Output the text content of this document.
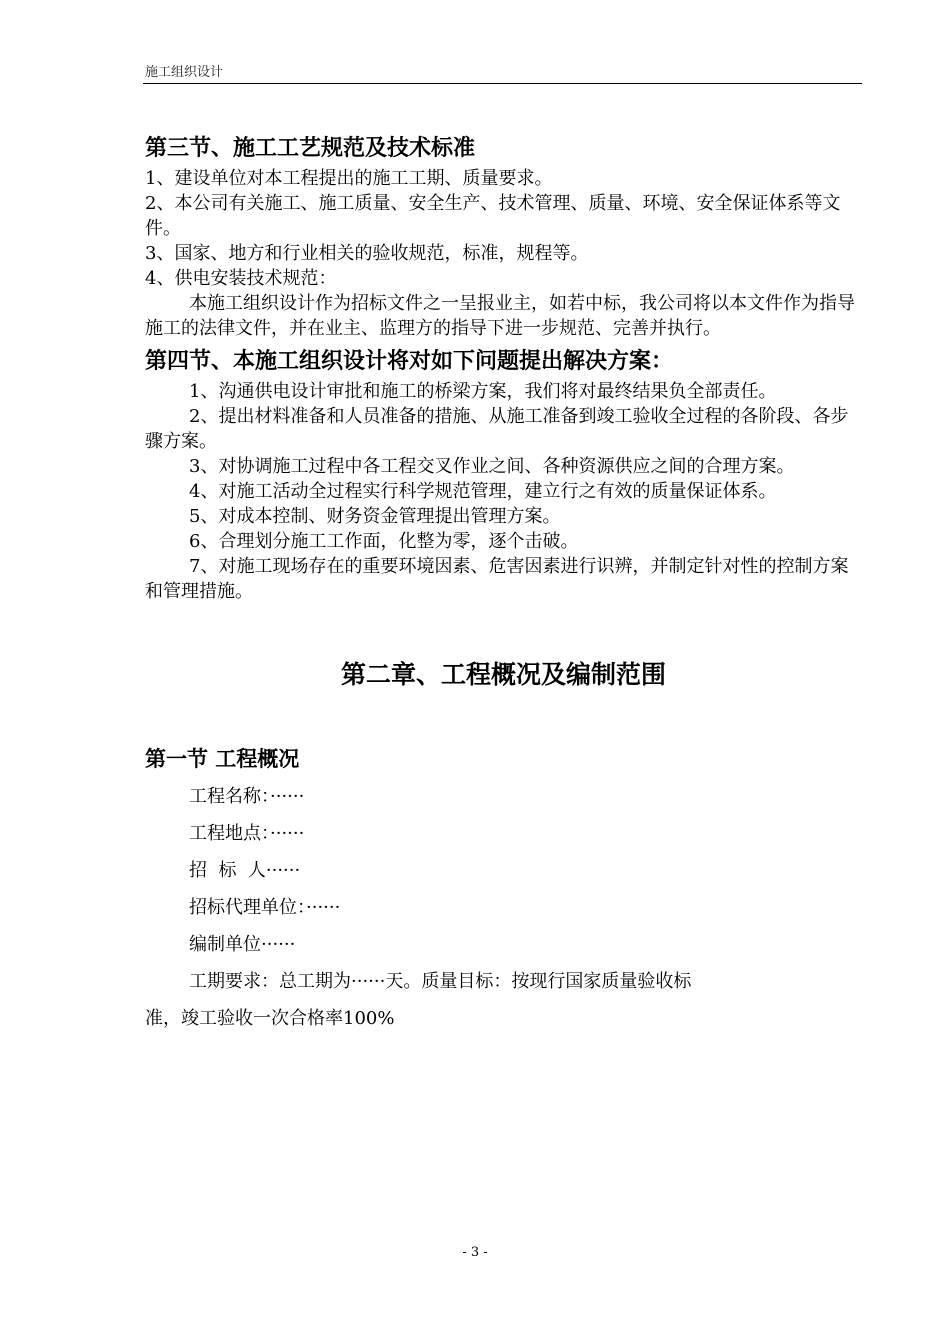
施工组织设计
第三节、施工工艺规范及技术标准

1、建设单位对本工程提出的施工工期、质量要求。

2、本公司有关施工、施工质量、安全生产、技术管理、质量、环境、安全保证体系等文件。

3、国家、地方和行业相关的验收规范，标准，规程等。

4、供电安装技术规范：

本施工组织设计作为招标文件之一呈报业主，如若中标，我公司将以本文件作为指导施工的法律文件，并在业主、监理方的指导下进一步规范、完善并执行。

第四节、本施工组织设计将对如下问题提出解决方案：

1、沟通供电设计审批和施工的桥梁方案，我们将对最终结果负全部责任。

2、提出材料准备和人员准备的措施、从施工准备到竣工验收全过程的各阶段、各步骤方案。

3、对协调施工过程中各工程交叉作业之间、各种资源供应之间的合理方案。

4、对施工活动全过程实行科学规范管理，建立行之有效的质量保证体系。

5、对成本控制、财务资金管理提出管理方案。

6、合理划分施工工作面，化整为零，逐个击破。

7、对施工现场存在的重要环境因素、危害因素进行识辨，并制定针对性的控制方案和管理措施。

第二章、工程概况及编制范围
第一节 工程概况

工程名称：······

工程地点：······

招  标  人······

招标代理单位：······

编制单位······

工期要求：总工期为······天。质量目标：按现行国家质量验收标

准，竣工验收一次合格率100%

- 3 -
